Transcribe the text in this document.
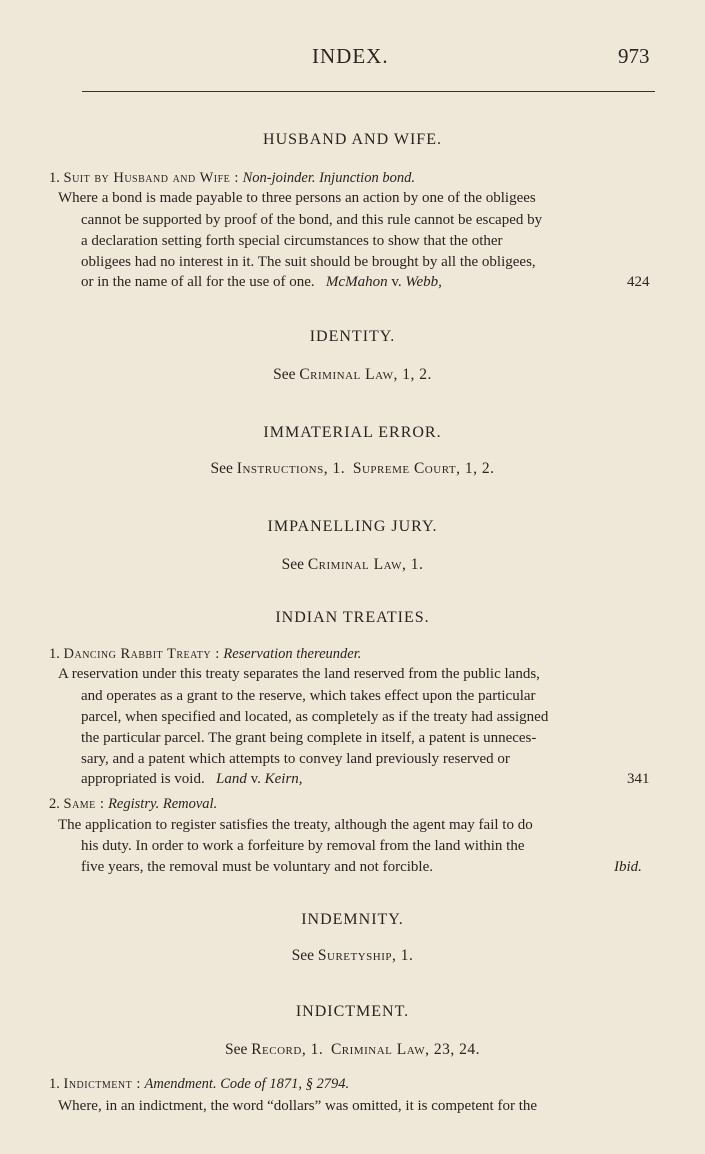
INDEX.	973
HUSBAND AND WIFE.
1. Suit by Husband and Wife : Non-joinder. Injunction bond.
Where a bond is made payable to three persons an action by one of the obligees
cannot be supported by proof of the bond, and this rule cannot be escaped by
a declaration setting forth special circumstances to show that the other
obligees had no interest in it. The suit should be brought by all the obligees,
or in the name of all for the use of one. McMahon v. Webb,	424
IDENTITY.
See Criminal Law, 1, 2.
IMMATERIAL ERROR.
See Instructions, 1. Supreme Court, 1, 2.
IMPANELLING JURY.
See Criminal Law, 1.
INDIAN TREATIES.
1. Dancing Rabbit Treaty : Reservation thereunder.
A reservation under this treaty separates the land reserved from the public lands,
and operates as a grant to the reserve, which takes effect upon the particular
parcel, when specified and located, as completely as if the treaty had assigned
the particular parcel. The grant being complete in itself, a patent is unneces-
sary, and a patent which attempts to convey land previously reserved or
appropriated is void. Land v. Keirn,	341
2. Same : Registry. Removal.
The application to register satisfies the treaty, although the agent may fail to do
his duty. In order to work a forfeiture by removal from the land within the
five years, the removal must be voluntary and not forcible.	Ibid.
INDEMNITY.
See Suretyship, 1.
INDICTMENT.
See Record, 1. Criminal Law, 23, 24.
1. Indictment : Amendment. Code of 1871, § 2794.
Where, in an indictment, the word “dollars” was omitted, it is competent for the
